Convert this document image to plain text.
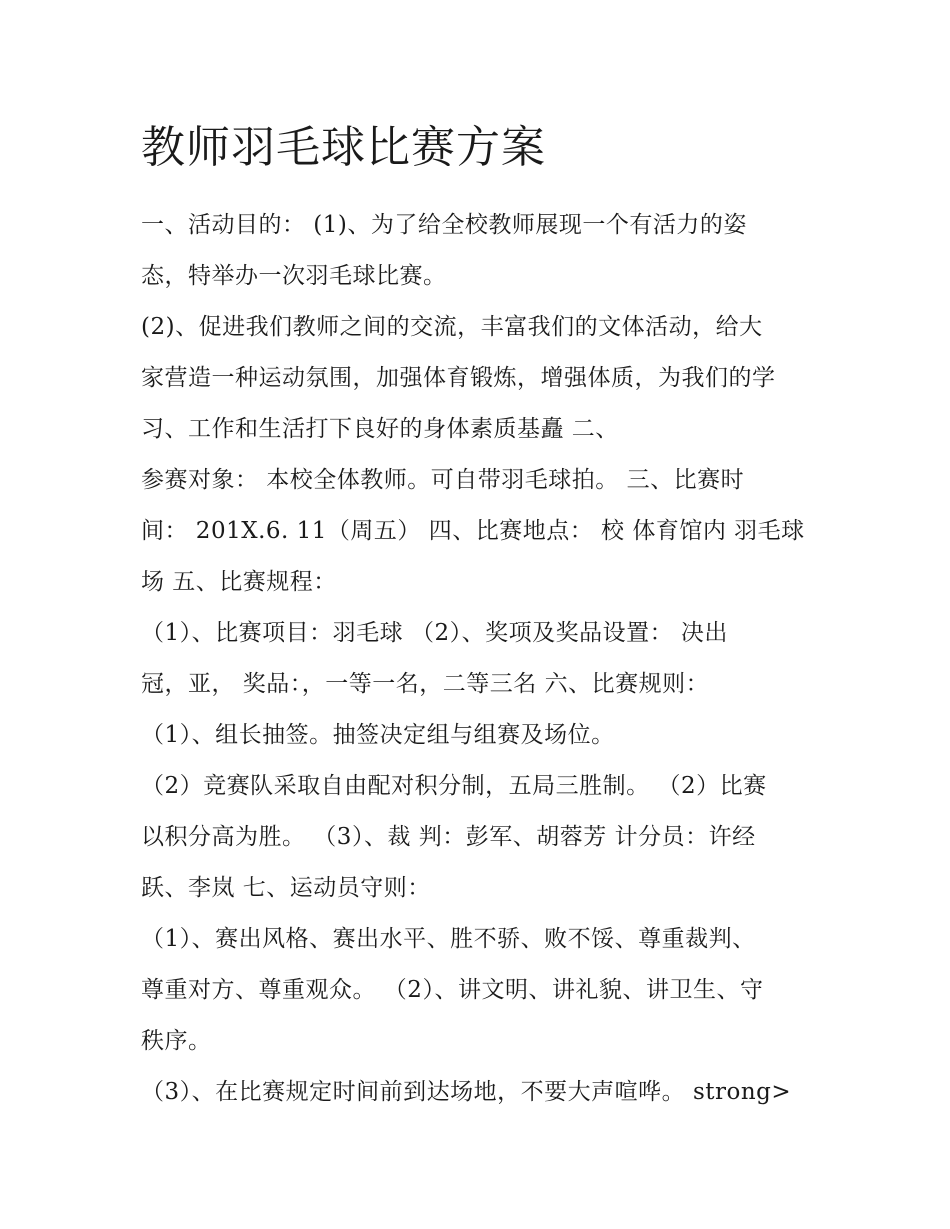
教师羽毛球比赛方案
一、活动目的： (1)、为了给全校教师展现一个有活力的姿
态，特举办一次羽毛球比赛。
(2)、促进我们教师之间的交流，丰富我们的文体活动，给大
家营造一种运动氛围，加强体育锻炼，增强体质，为我们的学
习、工作和生活打下良好的身体素质基矗 二、
参赛对象： 本校全体教师。可自带羽毛球拍。 三、比赛时
间： 201X.6. 11（周五） 四、比赛地点： 校 体育馆内 羽毛球
场 五、比赛规程：
（1）、比赛项目：羽毛球 （2）、奖项及奖品设置： 决出
冠，亚， 奖品：，一等一名，二等三名 六、比赛规则：
（1）、组长抽签。抽签决定组与组赛及场位。
（2）竞赛队采取自由配对积分制，五局三胜制。 （2）比赛
以积分高为胜。 （3）、裁 判：彭军、胡蓉芳 计分员：许经
跃、李岚 七、运动员守则：
（1）、赛出风格、赛出水平、胜不骄、败不馁、尊重裁判、
尊重对方、尊重观众。 （2）、讲文明、讲礼貌、讲卫生、守
秩序。
（3）、在比赛规定时间前到达场地，不要大声喧哗。 strong>
